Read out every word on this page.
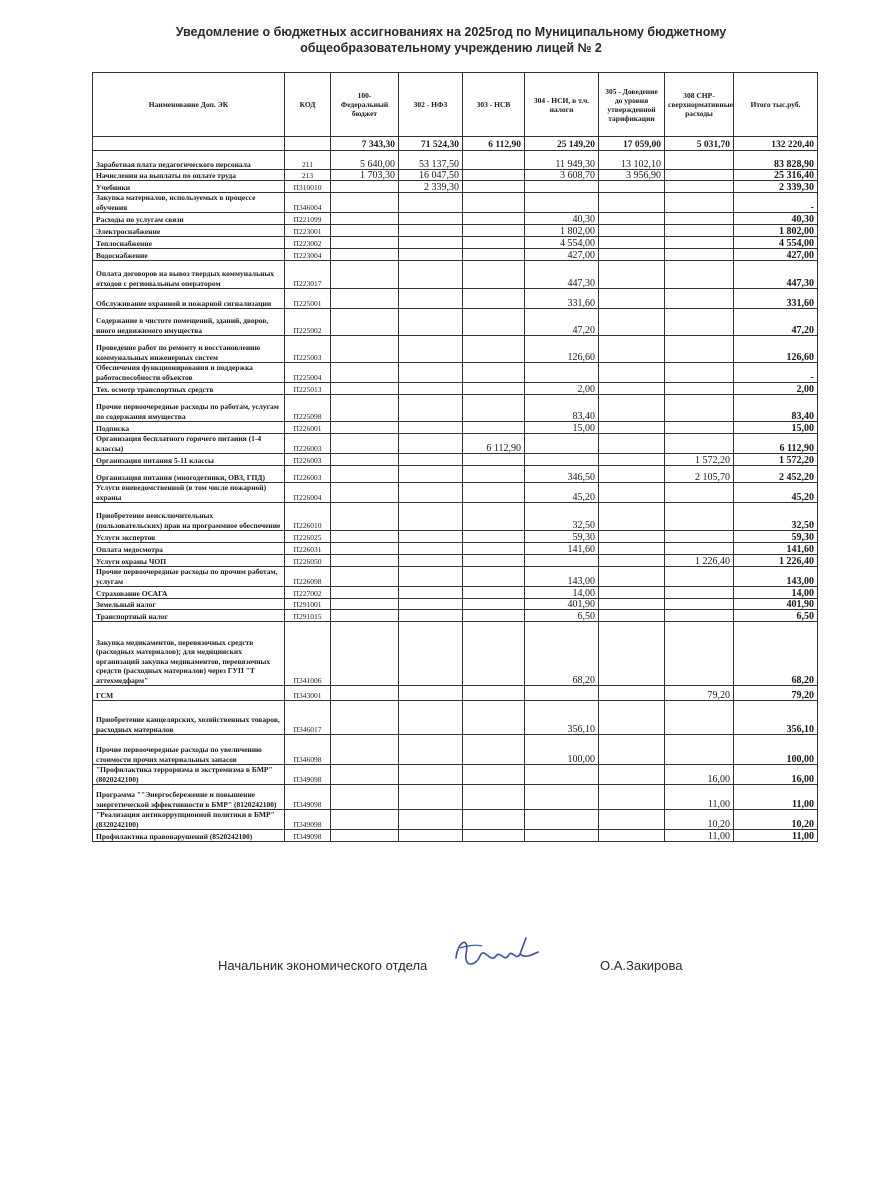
Уведомление о бюджетных ассигнованиях на 2025год по Муниципальному бюджетному
общеобразовательному учреждению лицей № 2
Наименование Доп. ЭК	КОД	100-Федеральный бюджет	302 - НФЗ	303 - НСВ	304 - НСИ, в т.ч. налоги	305 - Доведение до уровня утвержденной тарификации	308 СНР-сверхнормативные расходы	Итого тыс.руб.
		7 343,30	71 524,30	6 112,90	25 149,20	17 059,00	5 031,70	132 220,40
Заработная плата педагогического персонала	211	5 640,00	53 137,50		11 949,30	13 102,10		83 828,90
Начисления на выплаты по оплате труда	213	1 703,30	16 047,50		3 608,70	3 956,90		25 316,40
Учебники	П310010		2 339,30					2 339,30
Закупка материалов, используемых в процессе обучения	П346004							-
Расходы по услугам связи	П221099				40,30			40,30
Электроснабжение	П223001				1 802,00			1 802,00
Теплоснабжение	П223002				4 554,00			4 554,00
Водоснабжение	П223004				427,00			427,00
Оплата договоров на вывоз твердых коммунальных отходов с региональным оператором	П223017				447,30			447,30
Обслуживание охранной и пожарной сигнализации	П225001				331,60			331,60
Содержание в чистоте помещений, зданий, дворов, иного недвижимого имущества	П225002				47,20			47,20
Проведение работ по ремонту и восстановлению коммунальных инженерных систем	П225003				126,60			126,60
Обеспечения функционирования и поддержка работоспособности объектов	П225004							-
Тех. осмотр транспортных средств	П225013				2,00			2,00
Прочие первоочередные расходы по работам, услугам по содержания имущества	П225098				83,40			83,40
Подписка	П226001				15,00			15,00
Организация бесплатного горячего питания (1-4 классы)	П226003			6 112,90				6 112,90
Организация питания 5-11 классы	П226003						1 572,20	1 572,20
Организация питания (многодетники, ОВЗ, ГПД)	П226003				346,50		2 105,70	2 452,20
Услуги вневедомственной (в том числе пожарной) охраны	П226004				45,20			45,20
Приобретение неисключительных (пользовательских) прав на программное обеспечение	П226010				32,50			32,50
Услуги экспертов	П226025				59,30			59,30
Оплата медосмотра	П226031				141,60			141,60
Услуги охраны ЧОП	П226050						1 226,40	1 226,40
Прочие первоочередные расходы по прочим работам, услугам	П226098				143,00			143,00
Страхование ОСАГА	П227002				14,00			14,00
Земельный налог	П291001				401,90			401,90
Транспортный налог	П291015				6,50			6,50
Закупка медикаментов, перевязочных средств (расходных материалов); для медицинских организаций закупка медикаментов, перевязочных средств (расходных материалов) через ГУП "Т аттехмедфарм"	П341006				68,20			68,20
ГСМ	П343001						79,20	79,20
Приобретение канцелярских, хозяйственных товаров, расходных материалов	П346017				356,10			356,10
Прочие первоочередные расходы по увеличению стоимости прочих материальных запасов	П346098				100,00			100,00
"Профилактика терроризма и экстремизма в БМР" (8020242100)	П349098						16,00	16,00
Программа ""Энергосбережение и повышение энергетической эффективности в БМР" (8120242100)	П349098						11,00	11,00
"Реализация антикоррупционной политики в БМР" (8320242100)	П349098						10,20	10,20
Профилактика правонарушений (8520242100)	П349098						11,00	11,00
Начальник экономического отдела	О.А.Закирова
